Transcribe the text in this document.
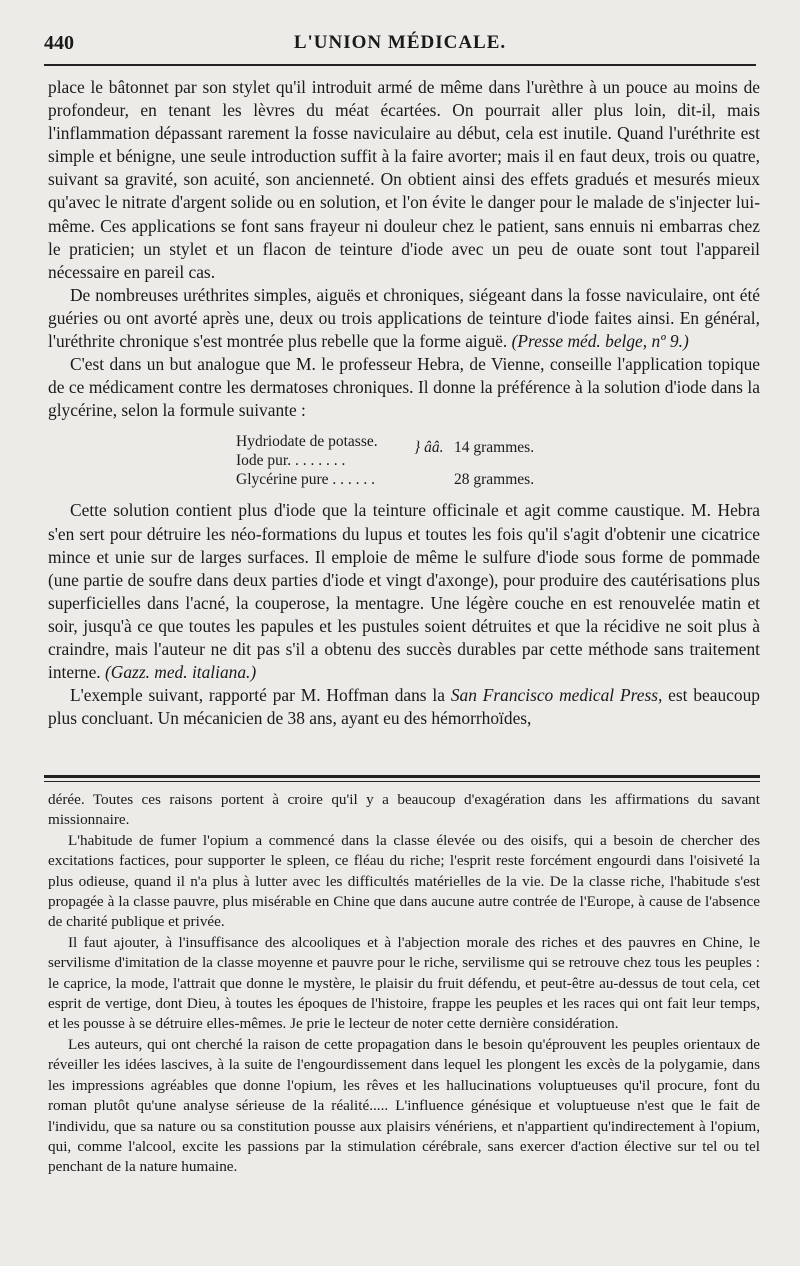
440	L'UNION MÉDICALE.

place le bâtonnet par son stylet qu'il introduit armé de même dans l'urèthre à un pouce au moins de profondeur, en tenant les lèvres du méat écartées. On pourrait aller plus loin, dit-il, mais l'inflammation dépassant rarement la fosse naviculaire au début, cela est inutile. Quand l'uréthrite est simple et bénigne, une seule introduction suffit à la faire avorter; mais il en faut deux, trois ou quatre, suivant sa gravité, son acuité, son ancienneté. On obtient ainsi des effets gradués et mesurés mieux qu'avec le nitrate d'argent solide ou en solution, et l'on évite le danger pour le malade de s'injecter lui-même. Ces applications se font sans frayeur ni douleur chez le patient, sans ennuis ni embarras chez le praticien; un stylet et un flacon de teinture d'iode avec un peu de ouate sont tout l'appareil nécessaire en pareil cas.

De nombreuses uréthrites simples, aiguës et chroniques, siégeant dans la fosse naviculaire, ont été guéries ou ont avorté après une, deux ou trois applications de teinture d'iode faites ainsi. En général, l'uréthrite chronique s'est montrée plus rebelle que la forme aiguë. (Presse méd. belge, nº 9.)

C'est dans un but analogue que M. le professeur Hebra, de Vienne, conseille l'application topique de ce médicament contre les dermatoses chroniques. Il donne la préférence à la solution d'iode dans la glycérine, selon la formule suivante :

Hydriodate de potasse.	} ââ. 14 grammes.
Iode pur. . . . . . . .
Glycérine pure . . . . . .	28 grammes.

Cette solution contient plus d'iode que la teinture officinale et agit comme caustique. M. Hebra s'en sert pour détruire les néo-formations du lupus et toutes les fois qu'il s'agit d'obtenir une cicatrice mince et unie sur de larges surfaces. Il emploie de même le sulfure d'iode sous forme de pommade (une partie de soufre dans deux parties d'iode et vingt d'axonge), pour produire des cautérisations plus superficielles dans l'acné, la couperose, la mentagre. Une légère couche en est renouvelée matin et soir, jusqu'à ce que toutes les papules et les pustules soient détruites et que la récidive ne soit plus à craindre, mais l'auteur ne dit pas s'il a obtenu des succès durables par cette méthode sans traitement interne. (Gazz. med. italiana.)

L'exemple suivant, rapporté par M. Hoffman dans la San Francisco medical Press, est beaucoup plus concluant. Un mécanicien de 38 ans, ayant eu des hémorrhoïdes,

dérée. Toutes ces raisons portent à croire qu'il y a beaucoup d'exagération dans les affirmations du savant missionnaire.

L'habitude de fumer l'opium a commencé dans la classe élevée ou des oisifs, qui a besoin de chercher des excitations factices, pour supporter le spleen, ce fléau du riche; l'esprit reste forcément engourdi dans l'oisiveté la plus odieuse, quand il n'a plus à lutter avec les difficultés matérielles de la vie. De la classe riche, l'habitude s'est propagée à la classe pauvre, plus misérable en Chine que dans aucune autre contrée de l'Europe, à cause de l'absence de charité publique et privée.

Il faut ajouter, à l'insuffisance des alcooliques et à l'abjection morale des riches et des pauvres en Chine, le servilisme d'imitation de la classe moyenne et pauvre pour le riche, servilisme qui se retrouve chez tous les peuples : le caprice, la mode, l'attrait que donne le mystère, le plaisir du fruit défendu, et peut-être au-dessus de tout cela, cet esprit de vertige, dont Dieu, à toutes les époques de l'histoire, frappe les peuples et les races qui ont fait leur temps, et les pousse à se détruire elles-mêmes. Je prie le lecteur de noter cette dernière considération.

Les auteurs, qui ont cherché la raison de cette propagation dans le besoin qu'éprouvent les peuples orientaux de réveiller les idées lascives, à la suite de l'engourdissement dans lequel les plongent les excès de la polygamie, dans les impressions agréables que donne l'opium, les rêves et les hallucinations voluptueuses qu'il procure, font du roman plutôt qu'une analyse sérieuse de la réalité..... L'influence génésique et voluptueuse n'est que le fait de l'individu, que sa nature ou sa constitution pousse aux plaisirs vénériens, et n'appartient qu'indirectement à l'opium, qui, comme l'alcool, excite les passions par la stimulation cérébrale, sans exercer d'action élective sur tel ou tel penchant de la nature humaine.
